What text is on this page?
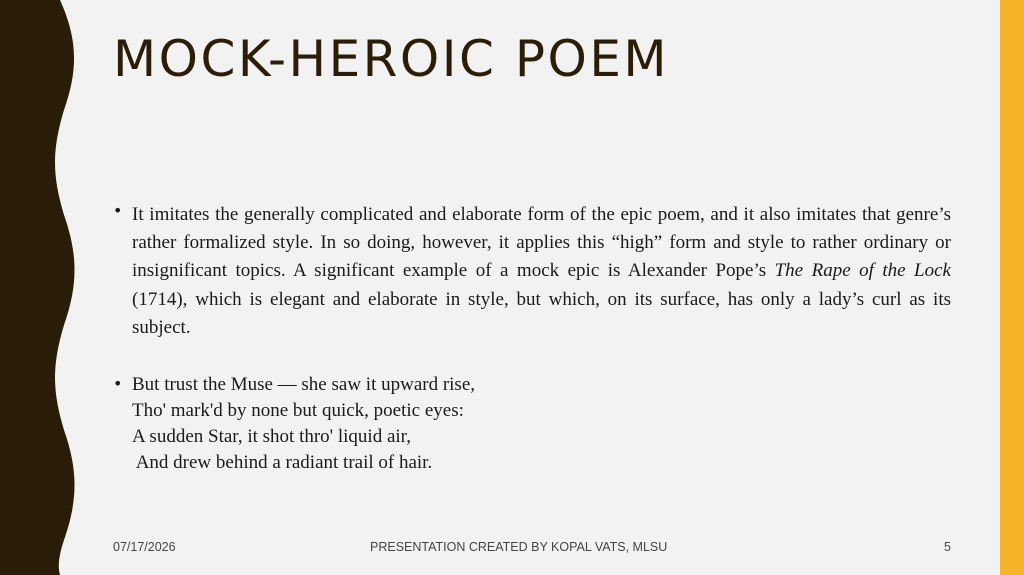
MOCK-HEROIC POEM
• It imitates the generally complicated and elaborate form of the epic poem, and it also imitates that genre’s rather formalized style. In so doing, however, it applies this “high” form and style to rather ordinary or insignificant topics. A significant example of a mock epic is Alexander Pope’s The Rape of the Lock (1714), which is elegant and elaborate in style, but which, on its surface, has only a lady’s curl as its subject.
• But trust the Muse — she saw it upward rise,
Tho' mark'd by none but quick, poetic eyes:
A sudden Star, it shot thro' liquid air,
And drew behind a radiant trail of hair.
07/17/2026	PRESENTATION CREATED BY KOPAL VATS, MLSU	5
